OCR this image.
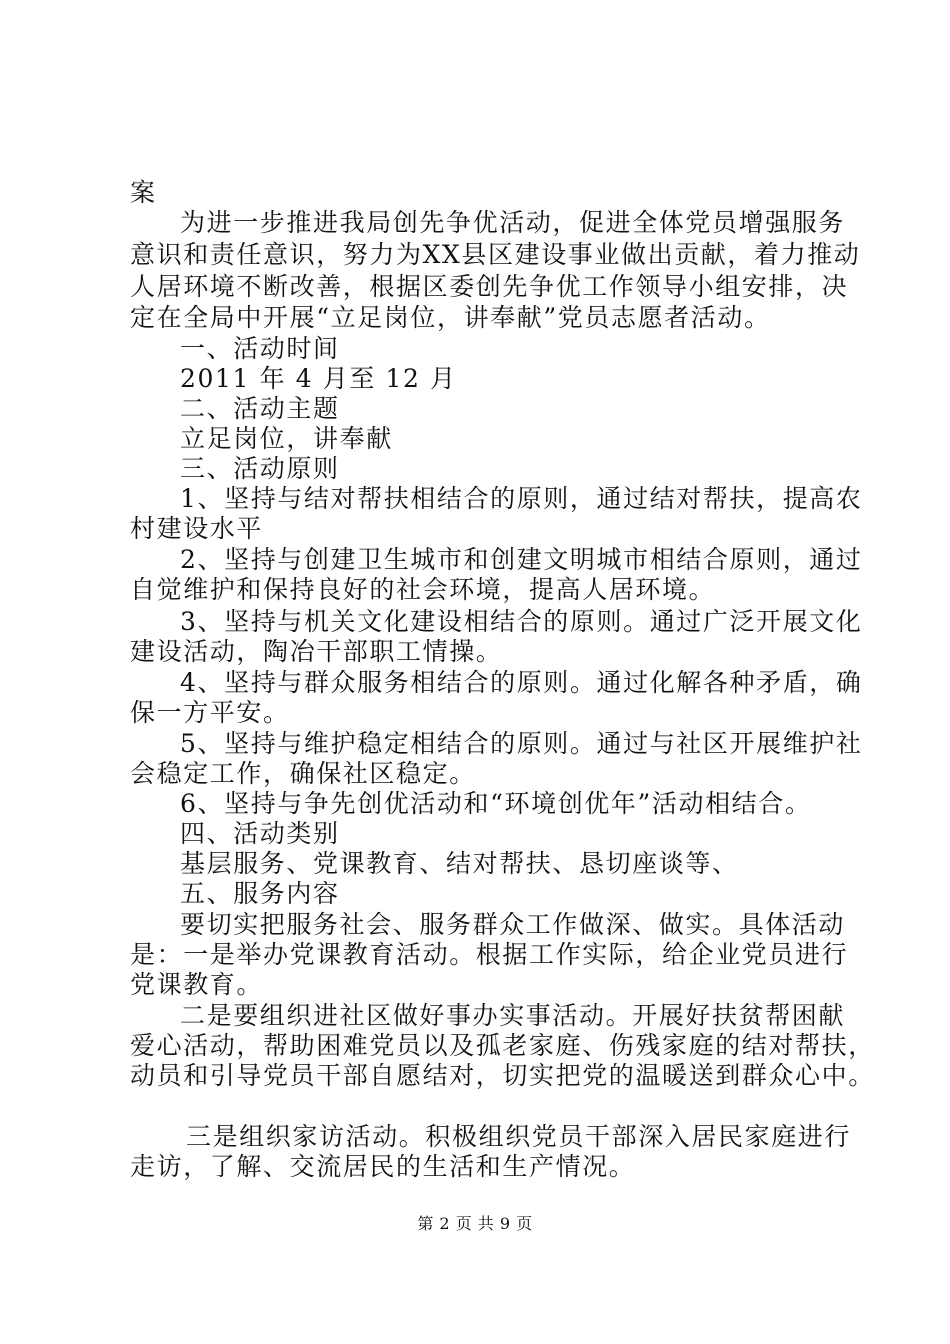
案
为进一步推进我局创先争优活动，促进全体党员增强服务
意识和责任意识，努力为XX县区建设事业做出贡献，着力推动
人居环境不断改善，根据区委创先争优工作领导小组安排，决
定在全局中开展“立足岗位，讲奉献”党员志愿者活动。
一、活动时间
2011 年 4 月至 12 月
二、活动主题
立足岗位，讲奉献
三、活动原则
1、坚持与结对帮扶相结合的原则，通过结对帮扶，提高农
村建设水平
2、坚持与创建卫生城市和创建文明城市相结合原则，通过
自觉维护和保持良好的社会环境，提高人居环境。
3、坚持与机关文化建设相结合的原则。通过广泛开展文化
建设活动，陶冶干部职工情操。
4、坚持与群众服务相结合的原则。通过化解各种矛盾，确
保一方平安。
5、坚持与维护稳定相结合的原则。通过与社区开展维护社
会稳定工作，确保社区稳定。
6、坚持与争先创优活动和“环境创优年”活动相结合。
四、活动类别
基层服务、党课教育、结对帮扶、恳切座谈等、
五、服务内容
要切实把服务社会、服务群众工作做深、做实。具体活动
是：一是举办党课教育活动。根据工作实际，给企业党员进行
党课教育。
二是要组织进社区做好事办实事活动。开展好扶贫帮困献
爱心活动，帮助困难党员以及孤老家庭、伤残家庭的结对帮扶，
动员和引导党员干部自愿结对，切实把党的温暖送到群众心中。
三是组织家访活动。积极组织党员干部深入居民家庭进行
走访，了解、交流居民的生活和生产情况。
第 2 页 共 9 页
